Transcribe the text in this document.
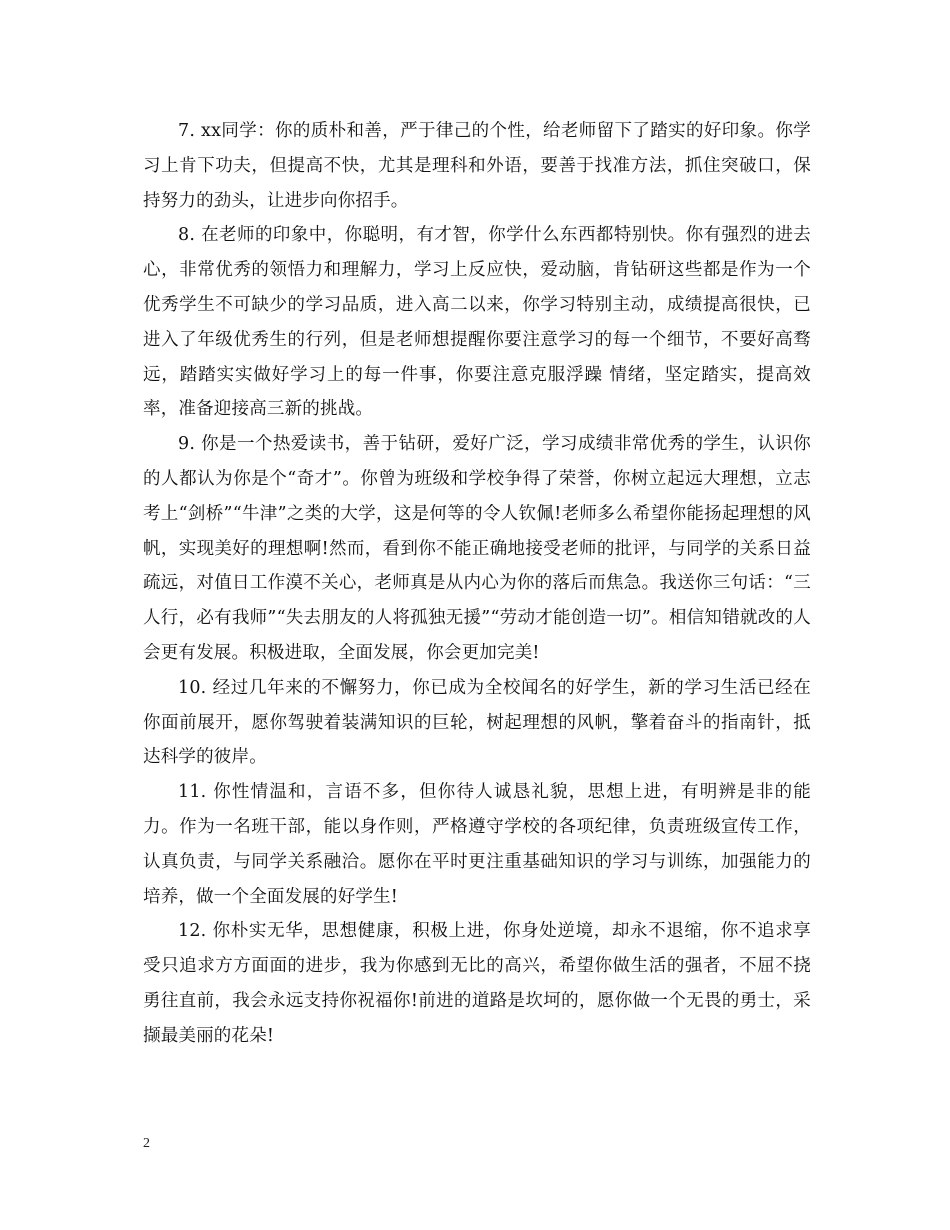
7. xx同学：你的质朴和善，严于律己的个性，给老师留下了踏实的好印象。你学习上肯下功夫，但提高不快，尤其是理科和外语，要善于找准方法，抓住突破口，保持努力的劲头，让进步向你招手。

8. 在老师的印象中，你聪明，有才智，你学什么东西都特别快。你有强烈的进去心，非常优秀的领悟力和理解力，学习上反应快，爱动脑，肯钻研这些都是作为一个优秀学生不可缺少的学习品质，进入高二以来，你学习特别主动，成绩提高很快，已进入了年级优秀生的行列，但是老师想提醒你要注意学习的每一个细节，不要好高骛远，踏踏实实做好学习上的每一件事，你要注意克服浮躁 情绪，坚定踏实，提高效率，准备迎接高三新的挑战。

9. 你是一个热爱读书，善于钻研，爱好广泛，学习成绩非常优秀的学生，认识你的人都认为你是个“奇才”。你曾为班级和学校争得了荣誉，你树立起远大理想，立志考上“剑桥”“牛津”之类的大学，这是何等的令人钦佩!老师多么希望你能扬起理想的风帆，实现美好的理想啊!然而，看到你不能正确地接受老师的批评，与同学的关系日益疏远，对值日工作漠不关心，老师真是从内心为你的落后而焦急。我送你三句话：“三人行，必有我师”“失去朋友的人将孤独无援”“劳动才能创造一切”。相信知错就改的人会更有发展。积极进取，全面发展，你会更加完美!

10. 经过几年来的不懈努力，你已成为全校闻名的好学生，新的学习生活已经在你面前展开，愿你驾驶着装满知识的巨轮，树起理想的风帆，擎着奋斗的指南针，抵达科学的彼岸。

11. 你性情温和，言语不多，但你待人诚恳礼貌，思想上进，有明辨是非的能力。作为一名班干部，能以身作则，严格遵守学校的各项纪律，负责班级宣传工作，认真负责，与同学关系融洽。愿你在平时更注重基础知识的学习与训练，加强能力的培养，做一个全面发展的好学生!

12. 你朴实无华，思想健康，积极上进，你身处逆境，却永不退缩，你不追求享受只追求方方面面的进步，我为你感到无比的高兴，希望你做生活的强者，不屈不挠勇往直前，我会永远支持你祝福你!前进的道路是坎坷的，愿你做一个无畏的勇士，采撷最美丽的花朵!

2
